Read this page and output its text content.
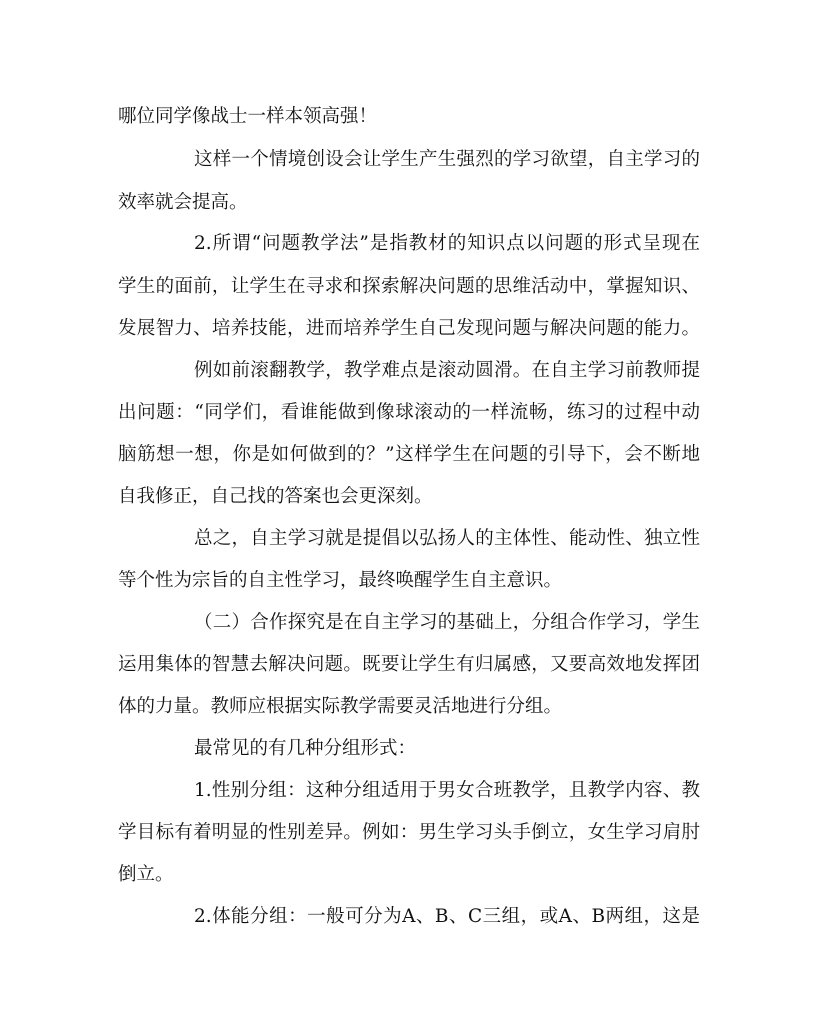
哪位同学像战士一样本领高强！
这样一个情境创设会让学生产生强烈的学习欲望，自主学习的
效率就会提高。
2.所谓“问题教学法”是指教材的知识点以问题的形式呈现在
学生的面前，让学生在寻求和探索解决问题的思维活动中，掌握知识、
发展智力、培养技能，进而培养学生自己发现问题与解决问题的能力。
例如前滚翻教学，教学难点是滚动圆滑。在自主学习前教师提
出问题：“同学们，看谁能做到像球滚动的一样流畅，练习的过程中动
脑筋想一想，你是如何做到的？”这样学生在问题的引导下，会不断地
自我修正，自己找的答案也会更深刻。
总之，自主学习就是提倡以弘扬人的主体性、能动性、独立性
等个性为宗旨的自主性学习，最终唤醒学生自主意识。
（二）合作探究是在自主学习的基础上，分组合作学习，学生
运用集体的智慧去解决问题。既要让学生有归属感，又要高效地发挥团
体的力量。教师应根据实际教学需要灵活地进行分组。
最常见的有几种分组形式：
1.性别分组：这种分组适用于男女合班教学，且教学内容、教
学目标有着明显的性别差异。例如：男生学习头手倒立，女生学习肩肘
倒立。
2.体能分组：一般可分为A、B、C三组，或A、B两组，这是
